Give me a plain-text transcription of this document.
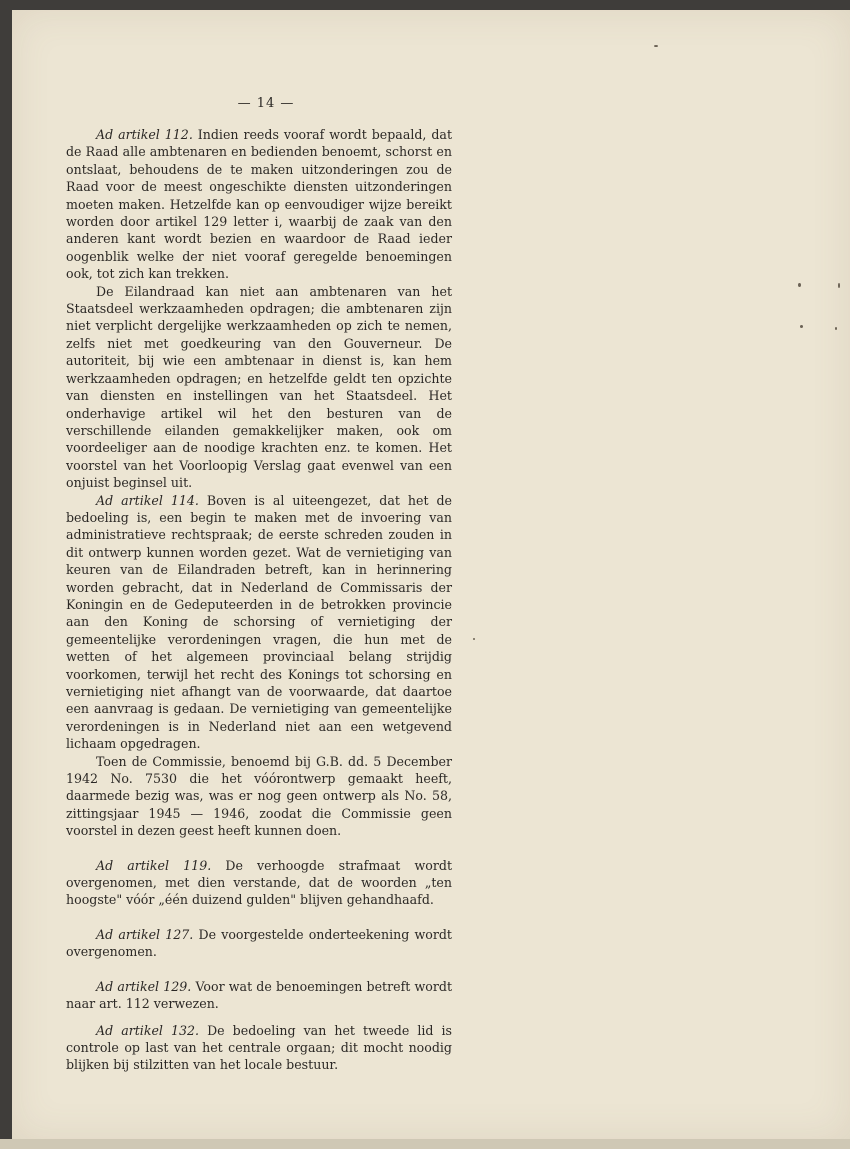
— 14 —

Ad artikel 112. Indien reeds vooraf wordt bepaald, dat de Raad alle ambtenaren en bedienden benoemt, schorst en ontslaat, behoudens de te maken uitzonderingen zou de Raad voor de meest ongeschikte diensten uitzonderingen moeten maken. Hetzelfde kan op eenvoudiger wijze bereikt worden door artikel 129 letter i, waarbij de zaak van den anderen kant wordt bezien en waardoor de Raad ieder oogenblik welke der niet vooraf geregelde benoemingen ook, tot zich kan trekken.

De Eilandraad kan niet aan ambtenaren van het Staatsdeel werkzaamheden opdragen; die ambtenaren zijn niet verplicht dergelijke werkzaamheden op zich te nemen, zelfs niet met goedkeuring van den Gouverneur. De autoriteit, bij wie een ambtenaar in dienst is, kan hem werkzaamheden opdragen; en hetzelfde geldt ten opzichte van diensten en instellingen van het Staatsdeel. Het onderhavige artikel wil het den besturen van de verschillende eilanden gemakkelijker maken, ook om voordeeliger aan de noodige krachten enz. te komen. Het voorstel van het Voorloopig Verslag gaat evenwel van een onjuist beginsel uit.

Ad artikel 114. Boven is al uiteengezet, dat het de bedoeling is, een begin te maken met de invoering van administratieve rechtspraak; de eerste schreden zouden in dit ontwerp kunnen worden gezet. Wat de vernietiging van keuren van de Eilandraden betreft, kan in herinnering worden gebracht, dat in Nederland de Commissaris der Koningin en de Gedeputeerden in de betrokken provincie aan den Koning de schorsing of vernietiging der gemeentelijke verordeningen vragen, die hun met de wetten of het algemeen provinciaal belang strijdig voorkomen, terwijl het recht des Konings tot schorsing en vernietiging niet afhangt van de voorwaarde, dat daartoe een aanvraag is gedaan. De vernietiging van gemeentelijke verordeningen is in Nederland niet aan een wetgevend lichaam opgedragen.

Toen de Commissie, benoemd bij G.B. dd. 5 December 1942 No. 7530 die het vóórontwerp gemaakt heeft, daarmede bezig was, was er nog geen ontwerp als No. 58, zittingsjaar 1945 — 1946, zoodat die Commissie geen voorstel in dezen geest heeft kunnen doen.

Ad artikel 119. De verhoogde strafmaat wordt overgenomen, met dien verstande, dat de woorden „ten hoogste" vóór „één duizend gulden" blijven gehandhaafd.

Ad artikel 127. De voorgestelde onderteekening wordt overgenomen.

Ad artikel 129. Voor wat de benoemingen betreft wordt naar art. 112 verwezen.

Ad artikel 132. De bedoeling van het tweede lid is controle op last van het centrale orgaan; dit mocht noodig blijken bij stilzitten van het locale bestuur.
